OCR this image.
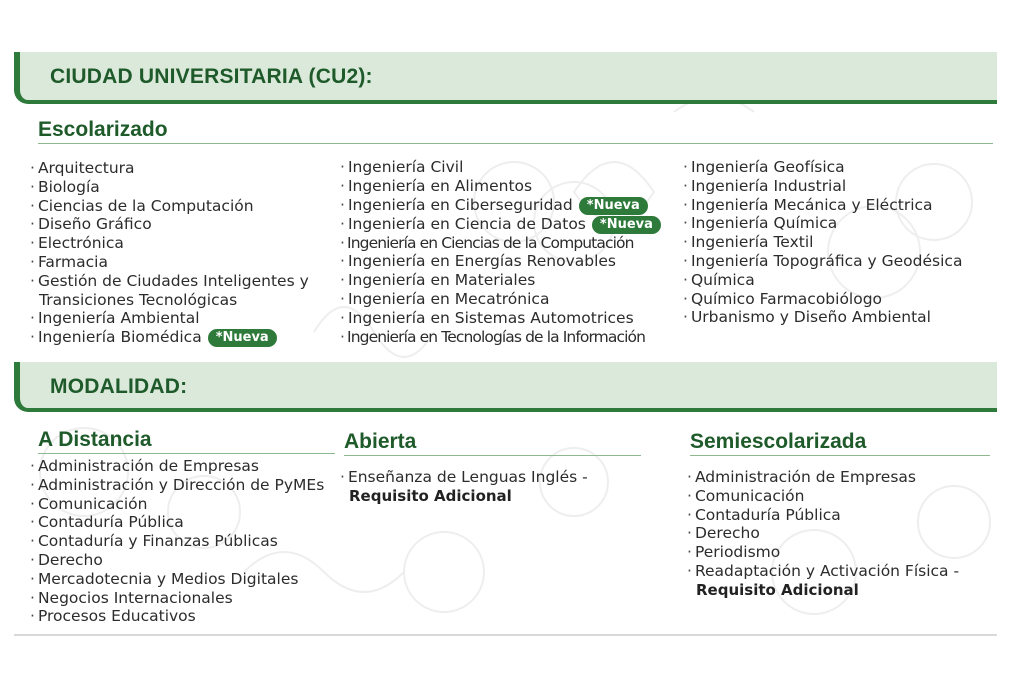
CIUDAD UNIVERSITARIA (CU2):
Escolarizado
· Arquitectura
· Biología
· Ciencias de la Computación
· Diseño Gráfico
· Electrónica
· Farmacia
· Gestión de Ciudades Inteligentes y
Transiciones Tecnológicas
· Ingeniería Ambiental
· Ingeniería Biomédica *Nueva
· Ingeniería Civil
· Ingeniería en Alimentos
· Ingeniería en Ciberseguridad *Nueva
· Ingeniería en Ciencia de Datos *Nueva
· Ingeniería en Ciencias de la Computación
· Ingeniería en Energías Renovables
· Ingeniería en Materiales
· Ingeniería en Mecatrónica
· Ingeniería en Sistemas Automotrices
· Ingeniería en Tecnologías de la Información
· Ingeniería Geofísica
· Ingeniería Industrial
· Ingeniería Mecánica y Eléctrica
· Ingeniería Química
· Ingeniería Textil
· Ingeniería Topográfica y Geodésica
· Química
· Químico Farmacobiólogo
· Urbanismo y Diseño Ambiental
MODALIDAD:
A Distancia	Abierta	Semiescolarizada
· Administración de Empresas
· Administración y Dirección de PyMEs
· Comunicación
· Contaduría Pública
· Contaduría y Finanzas Públicas
· Derecho
· Mercadotecnia y Medios Digitales
· Negocios Internacionales
· Procesos Educativos
· Enseñanza de Lenguas Inglés -
Requisito Adicional
· Administración de Empresas
· Comunicación
· Contaduría Pública
· Derecho
· Periodismo
· Readaptación y Activación Física -
Requisito Adicional
